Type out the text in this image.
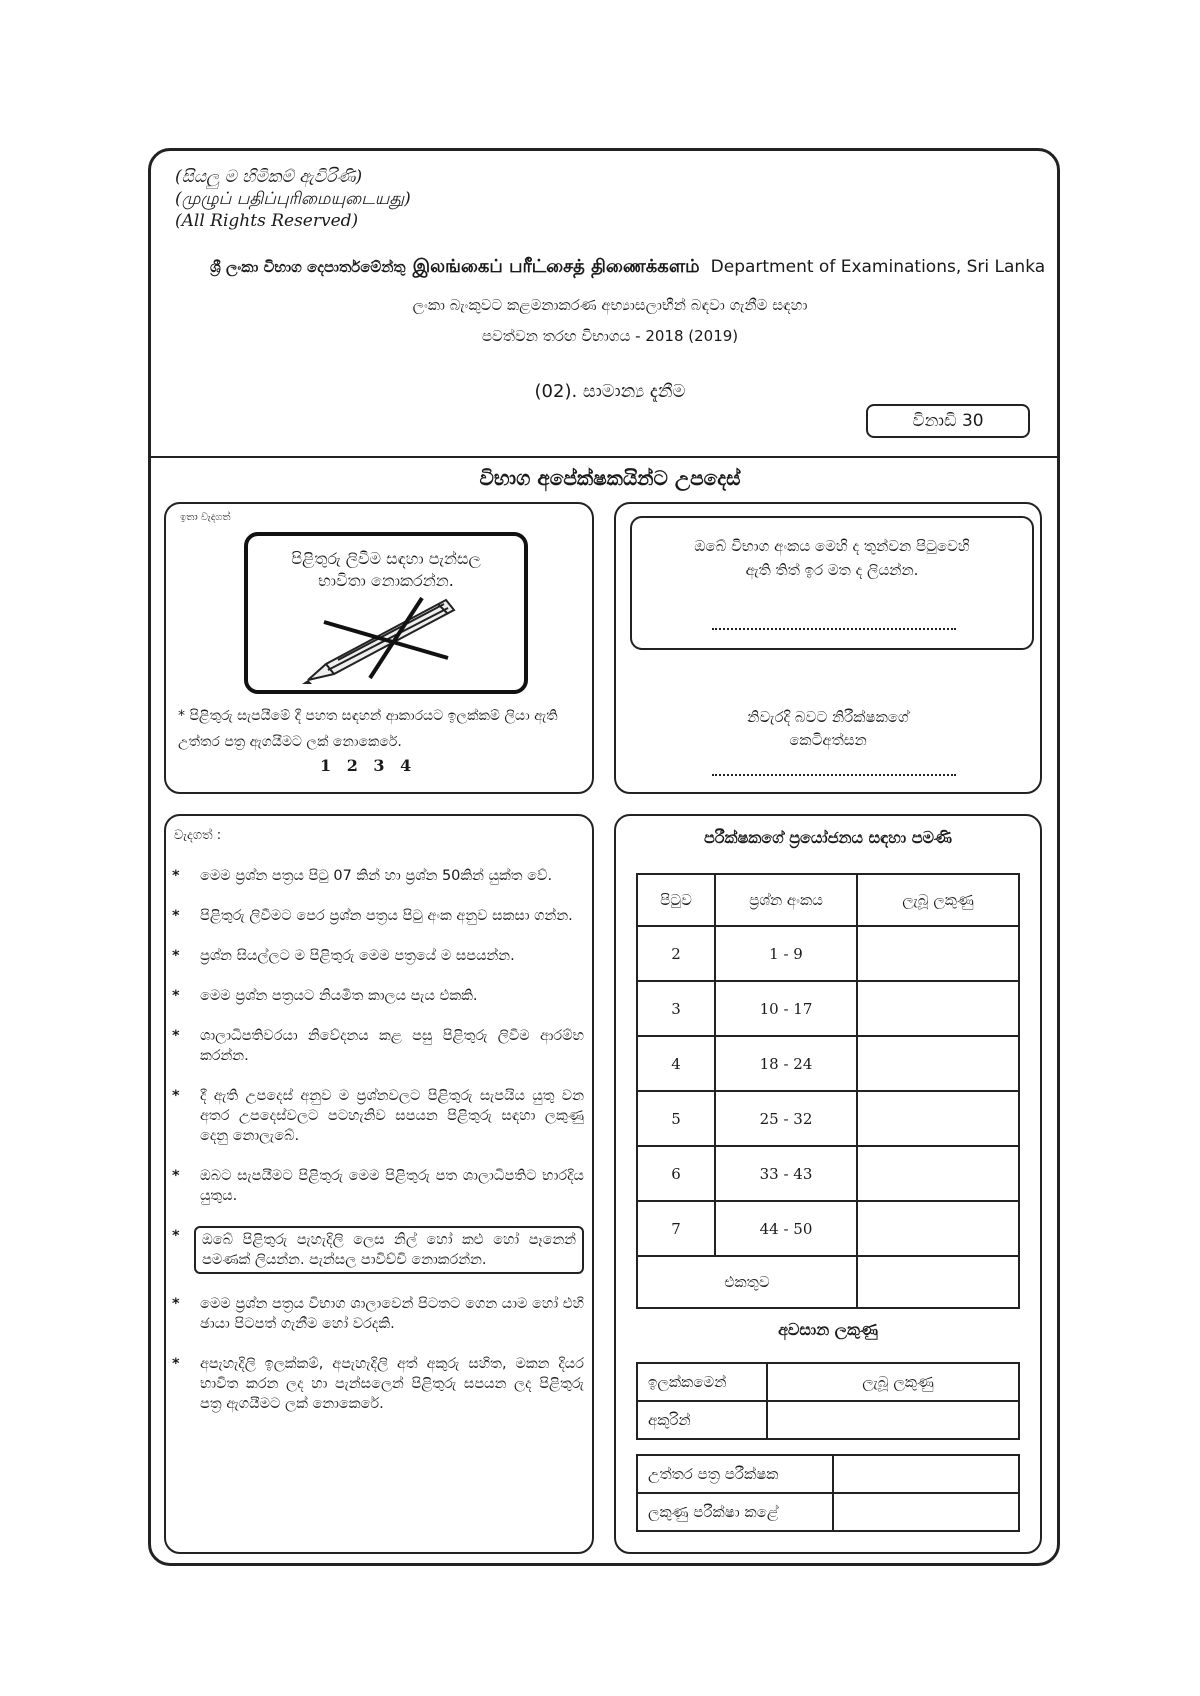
(සියලු ම හිමිකම් ඇවිරිණි)
(முழுப் பதிப்புரிமையுடையது)
(All Rights Reserved)
ශ්‍රී ලංකා විභාග දෙපාර්තමේන්තු இலங்கைப் பரீட்சைத் திணைக்களம் Department of Examinations, Sri Lanka
ලංකා බැංකුවට කළමනාකරණ අභ්‍යාසලාභීන් බඳවා ගැනීම සඳහා
පවත්වන තරඟ විභාගය - 2018 (2019)
(02). සාමාන්‍ය දැනීම
විනාඩි 30
විභාග අපේක්ෂකයින්ට උපදෙස්
ඉතා වැදගත්
පිළිතුරු ලිවීම සඳහා පැන්සල
භාවිතා නොකරන්න.
* පිළිතුරු සැපයීමේ දී පහත සඳහන් ආකාරයට ඉලක්කම් ලියා ඇති උත්තර පත්‍ර ඇගයීමට ලක් නොකෙරේ.
1 2 3 4
ඔබේ විභාග අංකය මෙහි ද තුන්වන පිටුවෙහි
ඇති තිත් ඉර මත ද ලියන්න.
නිවැරදි බවට නිරීක්ෂකගේ
කෙටිඅත්සන
වැදගත් :
* මෙම ප්‍රශ්න පත්‍රය පිටු 07 කින් හා ප්‍රශ්න 50කින් යුක්ත වේ.
* පිළිතුරු ලිවීමට පෙර ප්‍රශ්න පත්‍රය පිටු අංක අනුව සකසා ගන්න.
* ප්‍රශ්න සියල්ලට ම පිළිතුරු මෙම පත්‍රයේ ම සපයන්න.
* මෙම ප්‍රශ්න පත්‍රයට නියමිත කාලය පැය එකකි.
* ශාලාධිපතිවරයා නිවේදනය කළ පසු පිළිතුරු ලිවීම ආරම්භ කරන්න.
* දී ඇති උපදෙස් අනුව ම ප්‍රශ්නවලට පිළිතුරු සැපයිය යුතු වන අතර උපදෙස්වලට පටහැනිව සපයන පිළිතුරු සඳහා ලකුණු දෙනු නොලැබේ.
* ඔබට සැපයීමට පිළිතුරු මෙම පිළිතුරු පත ශාලාධිපතිට භාරදිය යුතුය.
*	ඔබේ පිළිතුරු පැහැදිලි ලෙස නිල් හෝ කළු හෝ පෑනෙන් පමණක් ලියන්න. පැන්සල පාවිච්චි නොකරන්න.
* මෙම ප්‍රශ්න පත්‍රය විභාග ශාලාවෙන් පිටතට ගෙන යාම හෝ එහි ඡායා පිටපත් ගැනීම හෝ වරදකි.
* අපැහැදිලි ඉලක්කම්, අපැහැදිලි අත් අකුරු සහිත, මකන දියර භාවිත කරන ලද හා පැන්සලෙන් පිළිතුරු සපයන ලද පිළිතුරු පත්‍ර ඇගයීමට ලක් නොකෙරේ.
පරීක්ෂකගේ ප්‍රයෝජනය සඳහා පමණි
පිටුව	ප්‍රශ්න අංකය	ලැබූ ලකුණු
2	1 - 9	
3	10 - 17	
4	18 - 24	
5	25 - 32	
6	33 - 43	
7	44 - 50	
එකතුව		
අවසාන ලකුණු
ඉලක්කමෙන්	ලැබූ ලකුණු
අකුරින්	
උත්තර පත්‍ර පරීක්ෂක	
ලකුණු පරීක්ෂා කළේ	
